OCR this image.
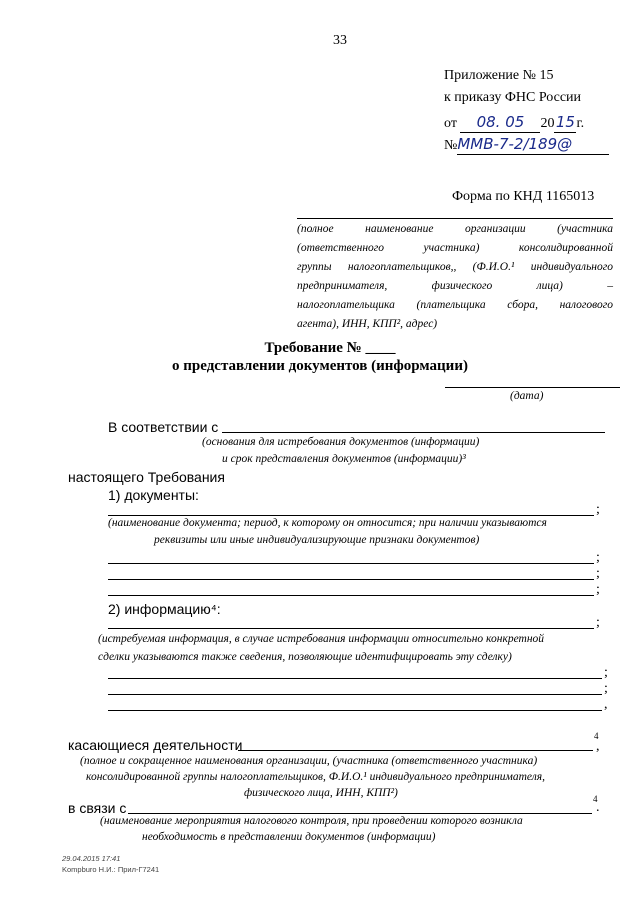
33
Приложение № 15
к приказу ФНС России
от 08. 05 2015г.
№ММВ-7-2/189@
Форма по КНД 1165013
(полное наименование организации (участника
(ответственного участника) консолидированной
группы налогоплательщиков,, (Ф.И.О.¹ индивидуального
предпринимателя, физического лица) –
налогоплательщика (плательщика сбора, налогового
агента), ИНН, КПП², адрес)
Требование № ____
о представлении документов (информации)
(дата)
В соответствии с
(основания для истребования документов (информации)
и срок представления документов (информации)³
настоящего Требования
1) документы:
;
(наименование документа; период, к которому он относится; при наличии указываются
реквизиты или иные индивидуализирующие признаки документов)
;
;
;
2) информацию⁴:
;
(истребуемая информация, в случае истребования информации относительно конкретной
сделки указываются также сведения, позволяющие идентифицировать эту сделку)
;
;
,
касающиеся деятельности
4
,
(полное и сокращенное наименования организации, (участника (ответственного участника)
консолидированной группы налогоплательщиков, Ф.И.О.¹ индивидуального предпринимателя,
физического лица, ИНН, КПП²)
в связи с
4
.
(наименование мероприятия налогового контроля, при проведении которого возникла
необходимость в представлении документов (информации)
29.04.2015 17:41
Kompburo Н.И.: Прил-Г7241
